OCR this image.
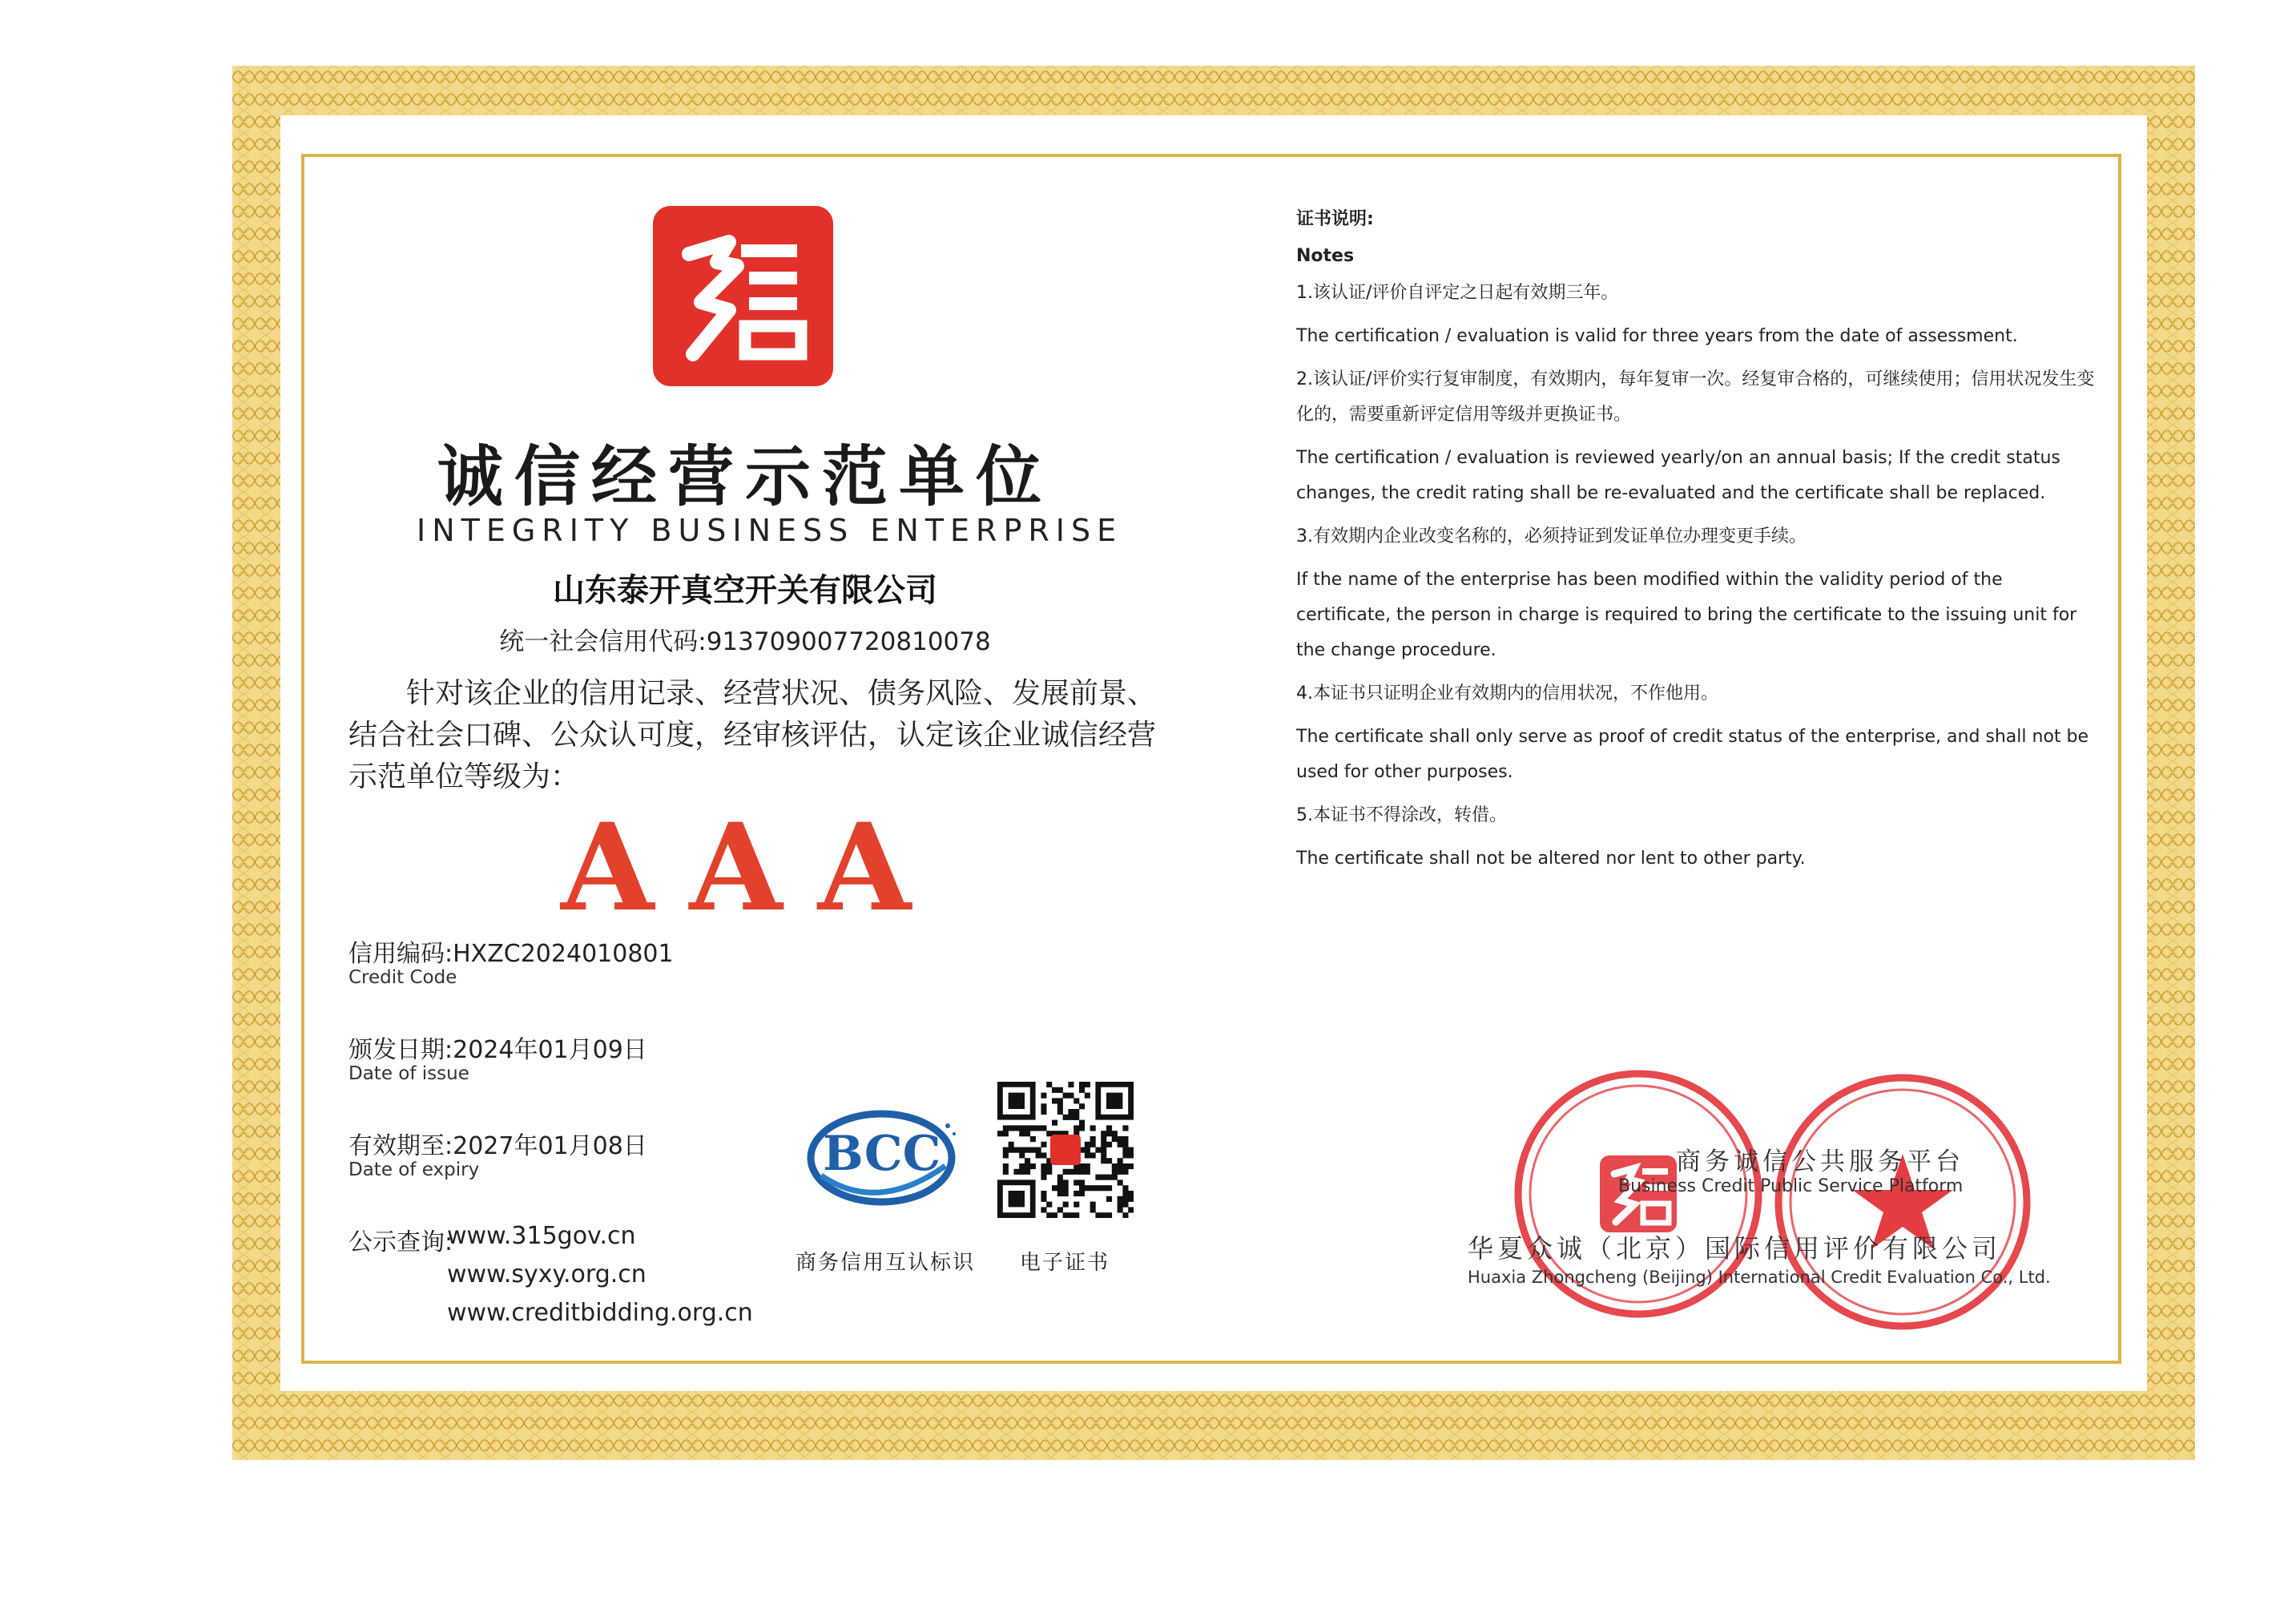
诚信经营示范单位
INTEGRITY BUSINESS ENTERPRISE
山东泰开真空开关有限公司
统一社会信用代码:913709007720810078
针对该企业的信用记录、经营状况、债务风险、发展前景、结合社会口碑、公众认可度，经审核评估，认定该企业诚信经营示范单位等级为：
AAA
信用编码:HXZC2024010801
Credit Code
颁发日期:2024年01月09日
Date of issue
有效期至:2027年01月08日
Date of expiry
公示查询:
www.315gov.cn
www.syxy.org.cn
www.creditbidding.org.cn
BCC
商务信用互认标识 电子证书

证书说明:

Notes

1.该认证/评价自评定之日起有效期三年。

The certification / evaluation is valid for three years from the date of assessment.

2.该认证/评价实行复审制度，有效期内，每年复审一次。经复审合格的，可继续使用；信用状况发生变化的，需要重新评定信用等级并更换证书。

The certification / evaluation is reviewed yearly/on an annual basis; If the credit status changes, the credit rating shall be re-evaluated and the certificate shall be replaced.

3.有效期内企业改变名称的，必须持证到发证单位办理变更手续。

If the name of the enterprise has been modified within the validity period of the certificate, the person in charge is required to bring the certificate to the issuing unit for the change procedure.

4.本证书只证明企业有效期内的信用状况，不作他用。

The certificate shall only serve as proof of credit status of the enterprise, and shall not be used for other purposes.

5.本证书不得涂改，转借。

The certificate shall not be altered nor lent to other party.

商务诚信公共服务平台
Business Credit Public Service Platform
华夏众诚（北京）国际信用评价有限公司
Huaxia Zhongcheng (Beijing) International Credit Evaluation Co., Ltd.
